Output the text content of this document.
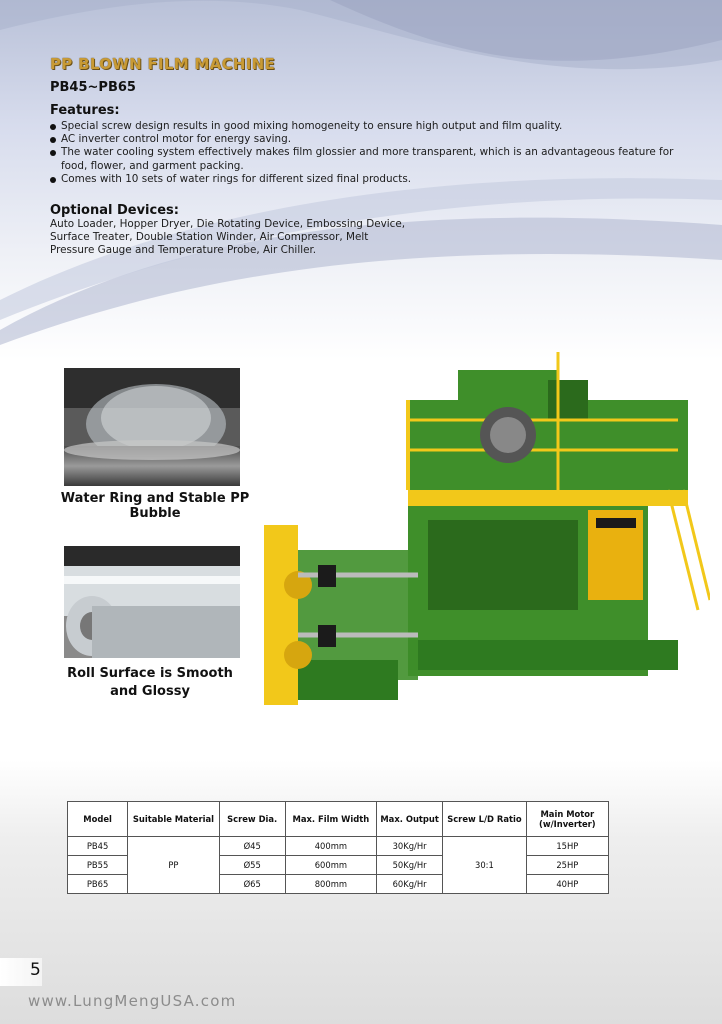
PP BLOWN FILM MACHINE
PB45~PB65
Features:
Special screw design results in good mixing homogeneity to ensure high output and film quality.
AC inverter control motor for energy saving.
The water cooling system effectively makes film glossier and more transparent, which is an advantageous feature for food, flower, and garment packing.
Comes with 10 sets of water rings for different sized final products.
Optional Devices:
Auto Loader, Hopper Dryer, Die Rotating Device, Embossing Device, Surface Treater, Double Station Winder, Air Compressor, Melt Pressure Gauge and Temperature Probe, Air Chiller.
Water Ring and Stable PP Bubble
Roll Surface is Smooth
and Glossy
Model	Suitable Material	Screw Dia.	Max. Film Width	Max. Output	Screw L/D Ratio	Main Motor
(w/Inverter)
PB45	PP	Ø45	400mm	30Kg/Hr	30:1	15HP
PB55		Ø55	600mm	50Kg/Hr		25HP
PB65		Ø65	800mm	60Kg/Hr		40HP
5
www.LungMengUSA.com
